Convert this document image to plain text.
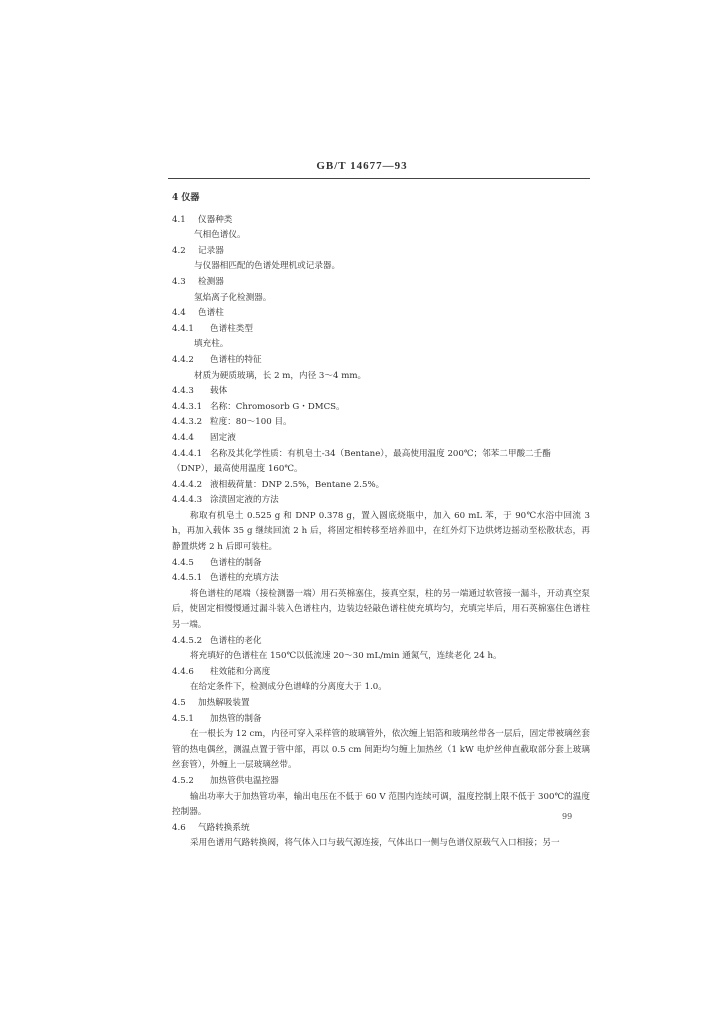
GB/T 14677—93
4 仪器
4.1 仪器种类
气相色谱仪。
4.2 记录器
与仪器相匹配的色谱处理机或记录器。
4.3 检测器
氢焰离子化检测器。
4.4 色谱柱
4.4.1 色谱柱类型
填充柱。
4.4.2 色谱柱的特征
材质为硬质玻璃，长 2 m，内径 3～4 mm。
4.4.3 载体
4.4.3.1 名称：Chromosorb G・DMCS。
4.4.3.2 粒度：80～100 目。
4.4.4 固定液
4.4.4.1 名称及其化学性质：有机皂土-34（Bentane），最高使用温度 200℃；邻苯二甲酸二壬酯
（DNP），最高使用温度 160℃。
4.4.4.2 液相载荷量：DNP 2.5%，Bentane 2.5%。
4.4.4.3 涂渍固定液的方法
称取有机皂土 0.525 g 和 DNP 0.378 g，置入圆底烧瓶中，加入 60 mL 苯，于 90℃水浴中回流 3 h，再加入载体 35 g 继续回流 2 h 后，将固定相转移至培养皿中，在红外灯下边烘烤边摇动至松散状态，再静置烘烤 2 h 后即可装柱。
4.4.5 色谱柱的制备
4.4.5.1 色谱柱的充填方法
将色谱柱的尾端（接检测器一端）用石英棉塞住，接真空泵，柱的另一端通过软管接一漏斗，开动真空泵后，使固定相慢慢通过漏斗装入色谱柱内，边装边轻敲色谱柱使充填均匀，充填完毕后，用石英棉塞住色谱柱另一端。
4.4.5.2 色谱柱的老化
将充填好的色谱柱在 150℃以低流速 20～30 mL/min 通氮气，连续老化 24 h。
4.4.6 柱效能和分离度
在给定条件下，检测成分色谱峰的分离度大于 1.0。
4.5 加热解吸装置
4.5.1 加热管的制备
在一根长为 12 cm，内径可穿入采样管的玻璃管外，依次缠上铝箔和玻璃丝带各一层后，固定带被璃丝套管的热电偶丝，测温点置于管中部，再以 0.5 cm 间距均匀缠上加热丝（1 kW 电炉丝伸直截取部分套上玻璃丝套管），外缠上一层玻璃丝带。
4.5.2 加热管供电温控器
输出功率大于加热管功率，输出电压在不低于 60 V 范围内连续可调，温度控制上限不低于 300℃的温度控制器。
4.6 气路转换系统
采用色谱用气路转换阀，将气体入口与载气源连接，气体出口一侧与色谱仪原载气入口相接；另一
99
